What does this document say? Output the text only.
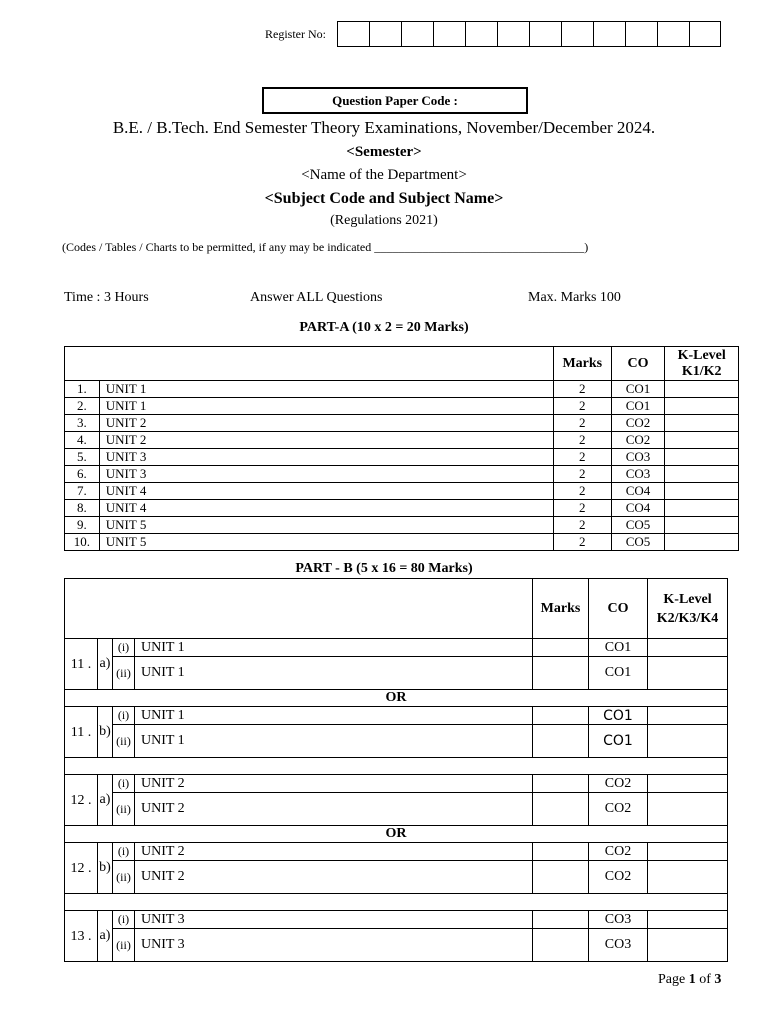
Register No:
Question Paper Code :
B.E. / B.Tech. End Semester Theory Examinations, November/December 2024.
<Semester>
<Name of the Department>
<Subject Code and Subject Name>
(Regulations 2021)
(Codes / Tables / Charts to be permitted, if any may be indicated ___________________________________)
Time : 3 Hours	Answer ALL Questions	Max. Marks 100
PART-A (10 x 2 = 20 Marks)
		Marks	CO	K-Level K1/K2
1.	UNIT 1	2	CO1	
2.	UNIT 1	2	CO1	
3.	UNIT 2	2	CO2	
4.	UNIT 2	2	CO2	
5.	UNIT 3	2	CO3	
6.	UNIT 3	2	CO3	
7.	UNIT 4	2	CO4	
8.	UNIT 4	2	CO4	
9.	UNIT 5	2	CO5	
10.	UNIT 5	2	CO5	
PART - B (5 x 16 = 80 Marks)
				Marks	CO	K-Level K2/K3/K4
11 .	a)	(i)	UNIT 1		CO1	
		(ii)	UNIT 1		CO1	
OR						
11 .	b)	(i)	UNIT 1		CO1	
		(ii)	UNIT 1		CO1	

12 .	a)	(i)	UNIT 2		CO2	
		(ii)	UNIT 2		CO2	
OR						
12 .	b)	(i)	UNIT 2		CO2	
		(ii)	UNIT 2		CO2	

13 .	a)	(i)	UNIT 3		CO3	
		(ii)	UNIT 3		CO3	
Page 1 of 3
